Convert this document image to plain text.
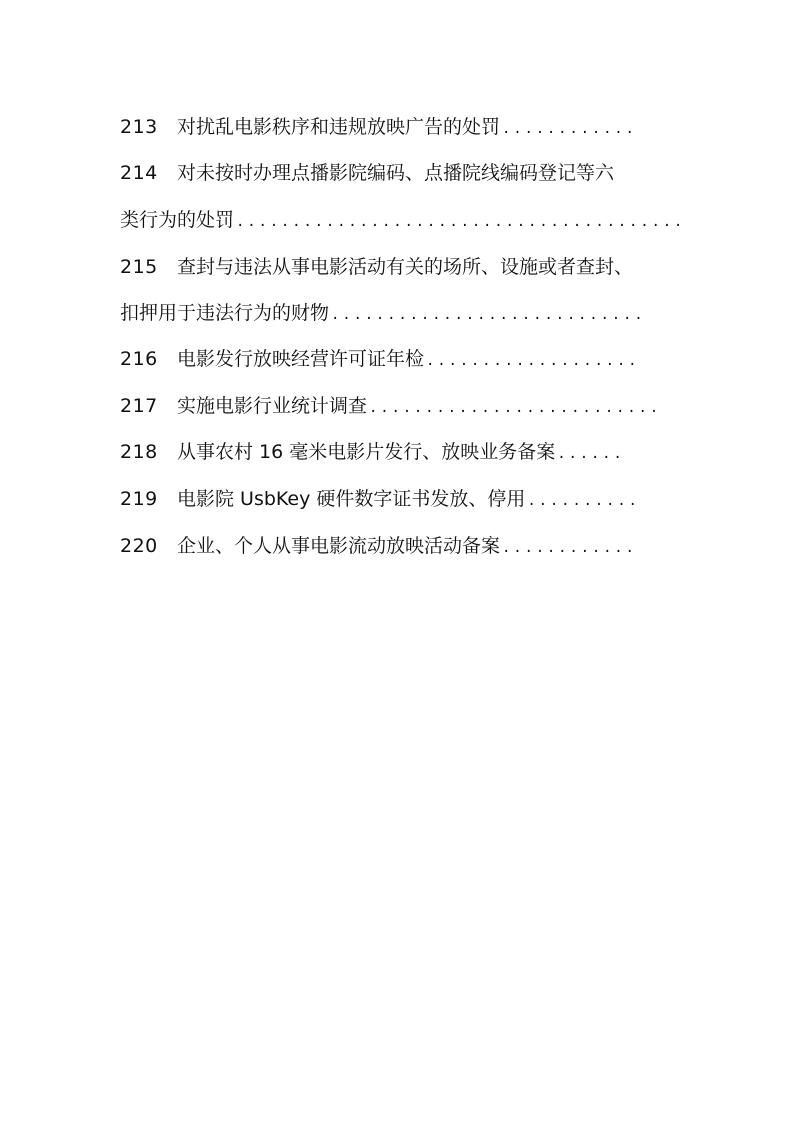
213	对扰乱电影秩序和违规放映广告的处罚 ............
214	对未按时办理点播影院编码、点播院线编码登记等六
类行为的处罚 ........................................
215	查封与违法从事电影活动有关的场所、设施或者查封、
扣押用于违法行为的财物 ............................
216	电影发行放映经营许可证年检 ...................
217	实施电影行业统计调查 ..........................
218	从事农村 16 毫米电影片发行、放映业务备案 ......
219	电影院 UsbKey 硬件数字证书发放、停用 ..........
220	企业、个人从事电影流动放映活动备案 ............
